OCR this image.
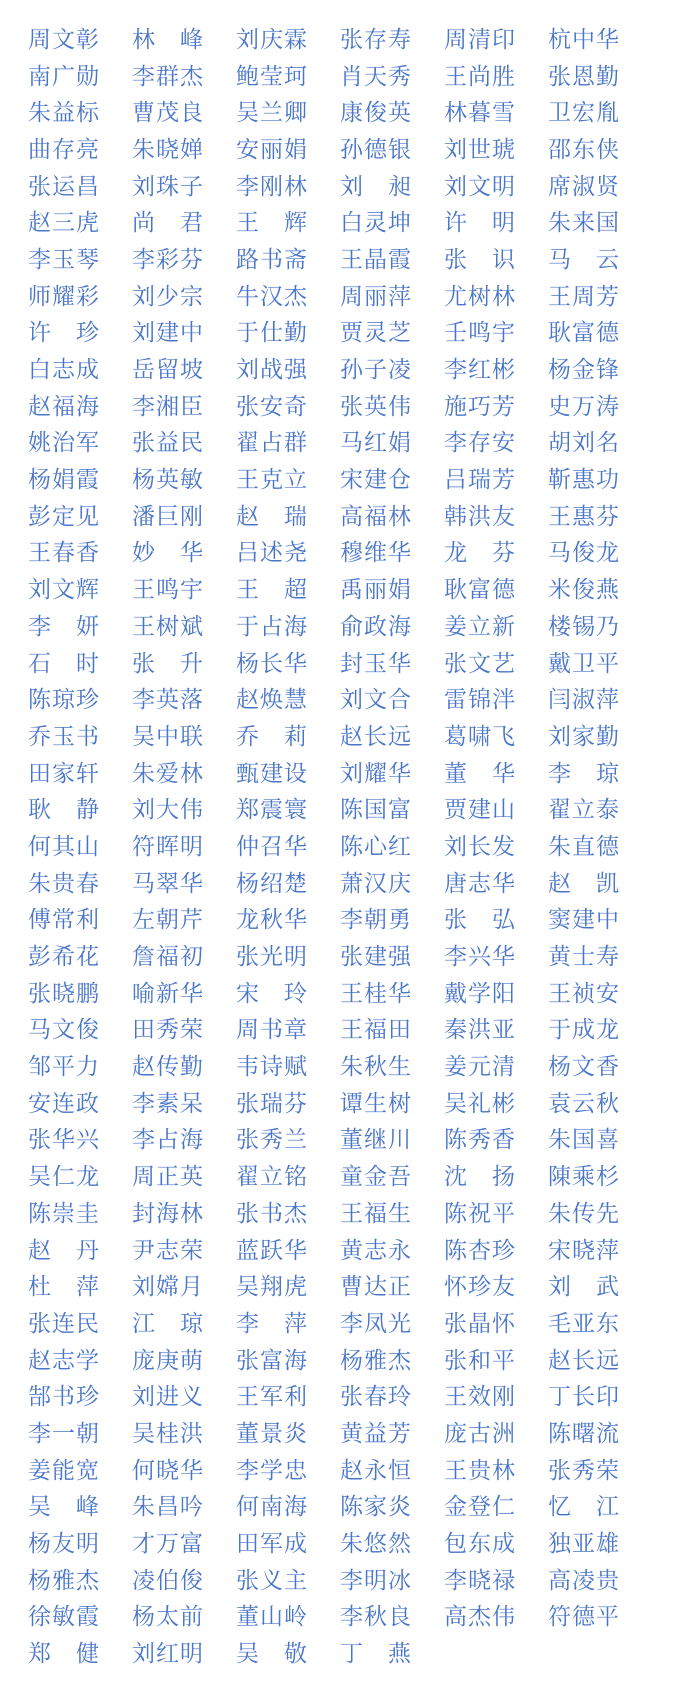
周文彰	林　峰	刘庆霖	张存寿	周清印	杭中华
南广勋	李群杰	鲍莹珂	肖天秀	王尚胜	张恩勤
朱益标	曹茂良	吴兰卿	康俊英	林暮雪	卫宏胤
曲存亮	朱晓婵	安丽娟	孙德银	刘世琥	邵东侠
张运昌	刘珠子	李刚林	刘　昶	刘文明	席淑贤
赵三虎	尚　君	王　辉	白灵坤	许　明	朱来国
李玉琴	李彩芬	路书斋	王晶霞	张　识	马　云
师耀彩	刘少宗	牛汉杰	周丽萍	尤树林	王周芳
许　珍	刘建中	于仕勤	贾灵芝	壬鸣宇	耿富德
白志成	岳留坡	刘战强	孙子凌	李红彬	杨金锋
赵福海	李湘臣	张安奇	张英伟	施巧芳	史万涛
姚治军	张益民	翟占群	马红娟	李存安	胡刘名
杨娟霞	杨英敏	王克立	宋建仓	吕瑞芳	靳惠功
彭定见	潘巨刚	赵　瑞	高福林	韩洪友	王惠芬
王春香	妙　华	吕述尧	穆维华	龙　芬	马俊龙
刘文辉	王鸣宇	王　超	禹丽娟	耿富德	米俊燕
李　妍	王树斌	于占海	俞政海	姜立新	楼锡乃
石　时	张　升	杨长华	封玉华	张文艺	戴卫平
陈琼珍	李英落	赵焕慧	刘文合	雷锦泮	闫淑萍
乔玉书	吴中联	乔　莉	赵长远	葛啸飞	刘家勤
田家轩	朱爱林	甄建设	刘耀华	董　华	李　琼
耿　静	刘大伟	郑震寰	陈国富	贾建山	翟立泰
何其山	符晖明	仲召华	陈心红	刘长发	朱直德
朱贵春	马翠华	杨绍楚	萧汉庆	唐志华	赵　凯
傅常利	左朝芹	龙秋华	李朝勇	张　弘	窦建中
彭希花	詹福初	张光明	张建强	李兴华	黄士寿
张晓鹏	喻新华	宋　玲	王桂华	戴学阳	王祯安
马文俊	田秀荣	周书章	王福田	秦洪亚	于成龙
邹平力	赵传勤	韦诗赋	朱秋生	姜元清	杨文香
安连政	李素呆	张瑞芬	谭生树	吴礼彬	袁云秋
张华兴	李占海	张秀兰	董继川	陈秀香	朱国喜
吴仁龙	周正英	翟立铭	童金吾	沈　扬	陳乘杉
陈崇圭	封海林	张书杰	王福生	陈祝平	朱传先
赵　丹	尹志荣	蓝跃华	黄志永	陈杏珍	宋晓萍
杜　萍	刘嫦月	吴翔虎	曹达正	怀珍友	刘　武
张连民	江　琼	李　萍	李凤光	张晶怀	毛亚东
赵志学	庞庚萌	张富海	杨雅杰	张和平	赵长远
郜书珍	刘进义	王军利	张春玲	王效刚	丁长印
李一朝	吴桂洪	董景炎	黄益芳	庞古洲	陈曙流
姜能宽	何晓华	李学忠	赵永恒	王贵林	张秀荣
吴　峰	朱昌吟	何南海	陈家炎	金登仁	忆　江
杨友明	才万富	田军成	朱悠然	包东成	独亚雄
杨雅杰	凌伯俊	张义主	李明冰	李晓禄	高凌贵
徐敏霞	杨太前	董山岭	李秋良	高杰伟	符德平
郑　健	刘红明	吴　敬	丁　燕
